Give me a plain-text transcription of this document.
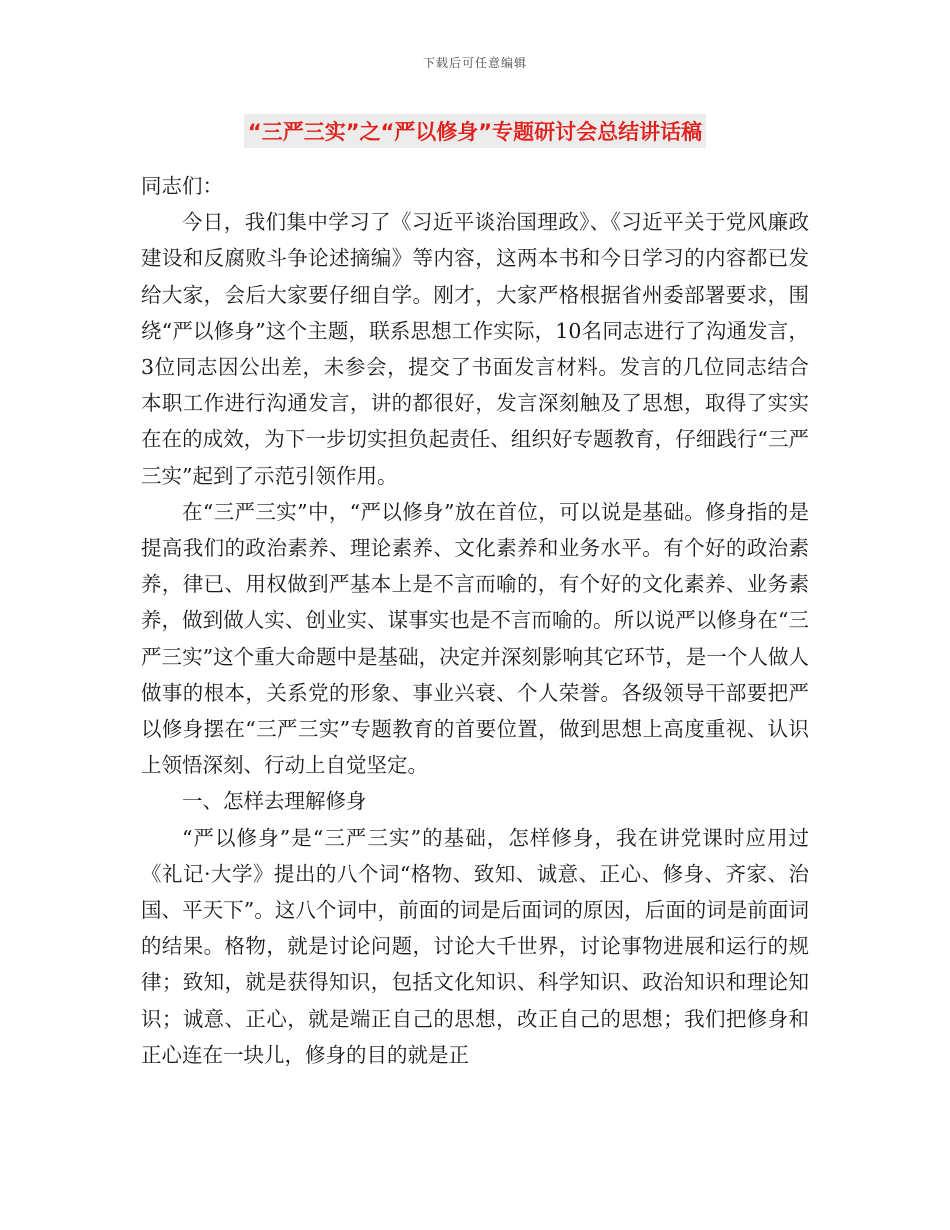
下载后可任意编辑
“三严三实”之“严以修身”专题研讨会总结讲话稿

同志们：

今日，我们集中学习了《习近平谈治国理政》、《习近平关于党风廉政建设和反腐败斗争论述摘编》等内容，这两本书和今日学习的内容都已发给大家，会后大家要仔细自学。刚才，大家严格根据省州委部署要求，围绕“严以修身”这个主题，联系思想工作实际，10名同志进行了沟通发言，3位同志因公出差，未参会，提交了书面发言材料。发言的几位同志结合本职工作进行沟通发言，讲的都很好，发言深刻触及了思想，取得了实实在在的成效，为下一步切实担负起责任、组织好专题教育，仔细践行“三严三实”起到了示范引领作用。

在“三严三实”中，“严以修身”放在首位，可以说是基础。修身指的是提高我们的政治素养、理论素养、文化素养和业务水平。有个好的政治素养，律已、用权做到严基本上是不言而喻的，有个好的文化素养、业务素养，做到做人实、创业实、谋事实也是不言而喻的。所以说严以修身在“三严三实”这个重大命题中是基础，决定并深刻影响其它环节，是一个人做人做事的根本，关系党的形象、事业兴衰、个人荣誉。各级领导干部要把严以修身摆在“三严三实”专题教育的首要位置，做到思想上高度重视、认识上领悟深刻、行动上自觉坚定。

一、怎样去理解修身

“严以修身”是“三严三实”的基础，怎样修身，我在讲党课时应用过《礼记·大学》提出的八个词“格物、致知、诚意、正心、修身、齐家、治国、平天下”。这八个词中，前面的词是后面词的原因，后面的词是前面词的结果。格物，就是讨论问题，讨论大千世界，讨论事物进展和运行的规律；致知，就是获得知识，包括文化知识、科学知识、政治知识和理论知识；诚意、正心，就是端正自己的思想，改正自己的思想；我们把修身和正心连在一块儿，修身的目的就是正
